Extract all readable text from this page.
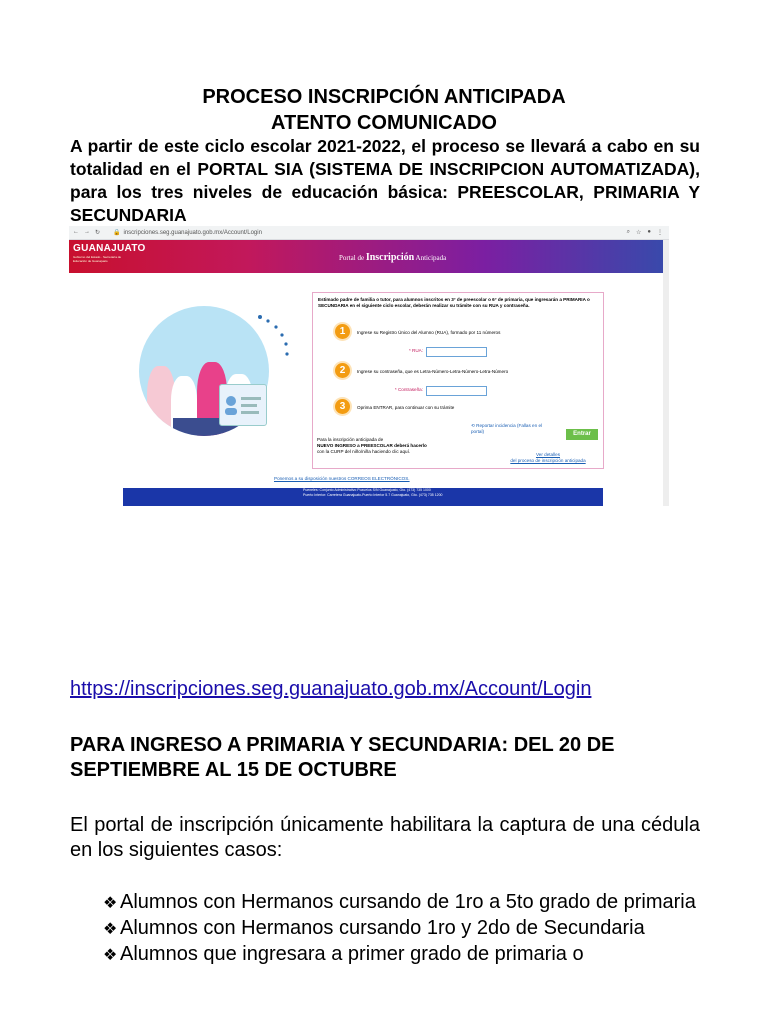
PROCESO INSCRIPCIÓN ANTICIPADA
ATENTO COMUNICADO
A partir de este ciclo escolar 2021-2022, el proceso se llevará a cabo en su totalidad en el PORTAL SIA (SISTEMA DE INSCRIPCION AUTOMATIZADA), para los tres niveles de educación básica: PREESCOLAR, PRIMARIA Y SECUNDARIA
← → ↻ 🔒 inscripciones.seg.guanajuato.gob.mx/Account/Login	⌕ ☆ ● ⋮
GUANAJUATO
Gobierno del Estado · Secretaría de Educación de Guanajuato	Portal de Inscripción Anticipada
Estimado padre de familia o tutor, para alumnos inscritos en 3° de preescolar o 6° de primaria, que ingresarán a PRIMARIA o SECUNDARIA en el siguiente ciclo escolar, deberán realizar su trámite con su RUA y contraseña.
1	Ingrese su Registro Único del Alumno (RUA), formado por 11 números
* RUA:
2	Ingrese su contraseña, que es Letra-Número-Letra-Número-Letra-Número
* Contraseña:
3	Oprima ENTRAR, para continuar con su trámite
⟲ Reportar incidencia (Fallas en el portal)	Entrar
Para la inscripción anticipada de
NUEVO INGRESO a PREESCOLAR deberá hacerlo
con la CURP del niño/niña haciendo clic aquí.
Ver detalles
del proceso de inscripción anticipada
Ponemos a su disposición nuestros CORREOS ELECTRÓNICOS.
Pueneles: Conjunto Administrativo Pozuelos S/N Guanajuato, Gto. (473) 735 1000
Puerto Interior: Carretera Guanajuato-Puerto Interior 5.7 Guanajuato, Gto. (473) 735 1200
https://inscripciones.seg.guanajuato.gob.mx/Account/Login
PARA INGRESO A PRIMARIA Y SECUNDARIA: DEL 20 DE SEPTIEMBRE AL 15 DE OCTUBRE
El portal de inscripción únicamente habilitara la captura de una cédula en los siguientes casos:
❖ Alumnos con Hermanos cursando de 1ro a 5to grado de primaria
❖ Alumnos con Hermanos cursando 1ro y 2do de Secundaria
❖ Alumnos que ingresara a primer grado de primaria o
